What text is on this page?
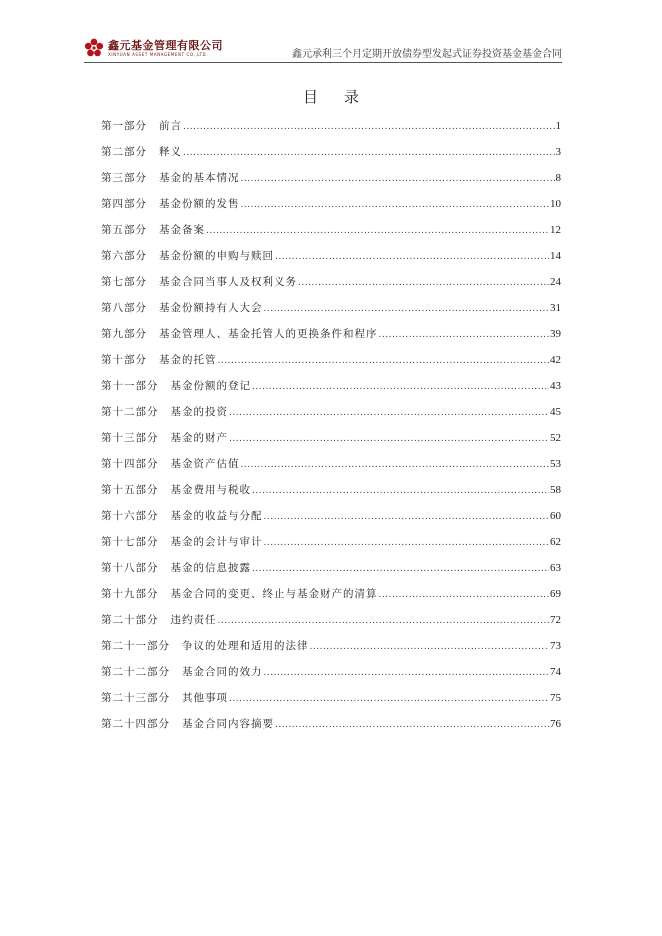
鑫元基金管理有限公司
XINYUAN ASSET MANAGEMENT CO.,LTD.	鑫元承利三个月定期开放债券型发起式证券投资基金基金合同
目录
第一部分 前言 .....	1
第二部分 释义 .....	3
第三部分 基金的基本情况 .....	8
第四部分 基金份额的发售 .....	10
第五部分 基金备案 .....	12
第六部分 基金份额的申购与赎回 .....	14
第七部分 基金合同当事人及权利义务 .....	24
第八部分 基金份额持有人大会 .....	31
第九部分 基金管理人、基金托管人的更换条件和程序 .....	39
第十部分 基金的托管 .....	42
第十一部分 基金份额的登记 .....	43
第十二部分 基金的投资 .....	45
第十三部分 基金的财产 .....	52
第十四部分 基金资产估值 .....	53
第十五部分 基金费用与税收 .....	58
第十六部分 基金的收益与分配 .....	60
第十七部分 基金的会计与审计 .....	62
第十八部分 基金的信息披露 .....	63
第十九部分 基金合同的变更、终止与基金财产的清算 .....	69
第二十部分 违约责任 .....	72
第二十一部分 争议的处理和适用的法律 .....	73
第二十二部分 基金合同的效力 .....	74
第二十三部分 其他事项 .....	75
第二十四部分 基金合同内容摘要 .....	76
